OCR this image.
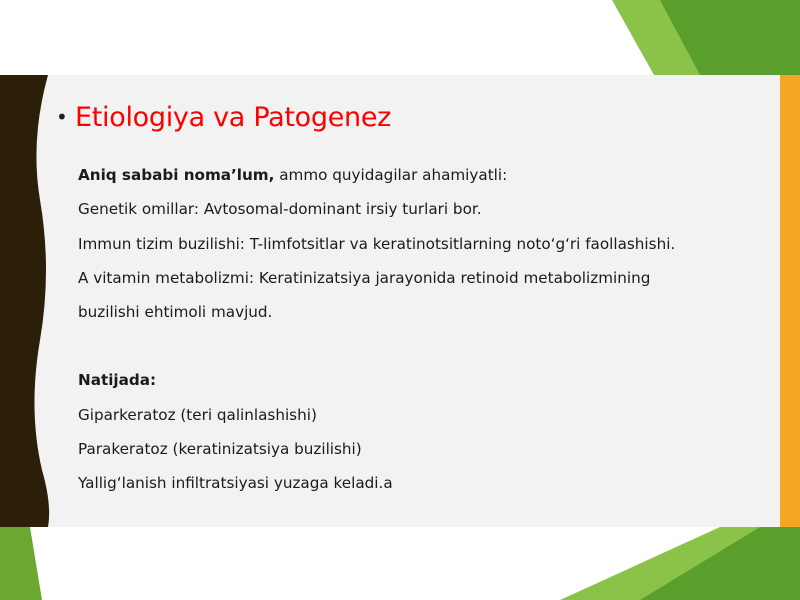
• Etiologiya va Patogenez

Aniq sababi noma’lum, ammo quyidagilar ahamiyatli:

Genetik omillar: Avtosomal-dominant irsiy turlari bor.

Immun tizim buzilishi: T-limfotsitlar va keratinotsitlarning noto‘g‘ri faollashishi.

A vitamin metabolizmi: Keratinizatsiya jarayonida retinoid metabolizmining

buzilishi ehtimoli mavjud.

Natijada:

Giparkeratoz (teri qalinlashishi)

Parakeratoz (keratinizatsiya buzilishi)

Yallig‘lanish infiltratsiyasi yuzaga keladi.a
